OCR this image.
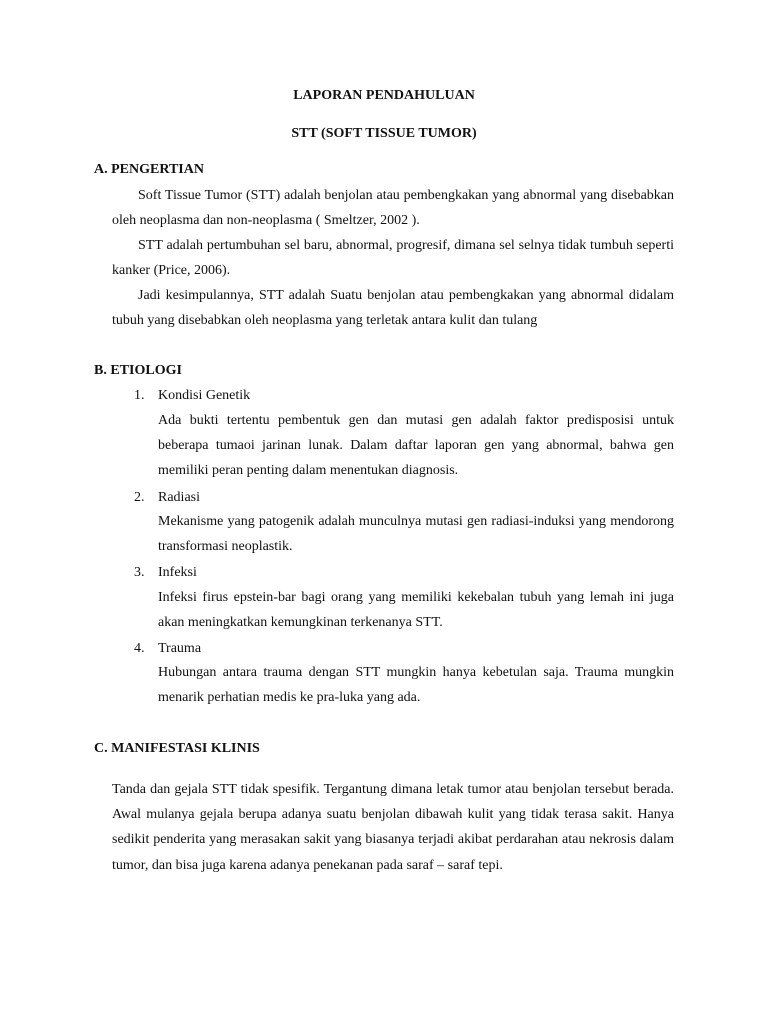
LAPORAN PENDAHULUAN

STT (SOFT TISSUE TUMOR)

A. PENGERTIAN

Soft Tissue Tumor (STT) adalah benjolan atau pembengkakan yang abnormal yang disebabkan oleh neoplasma dan non-neoplasma ( Smeltzer, 2002 ).

STT adalah pertumbuhan sel baru, abnormal, progresif, dimana sel selnya tidak tumbuh seperti kanker (Price, 2006).

Jadi kesimpulannya, STT adalah Suatu benjolan atau pembengkakan yang abnormal didalam tubuh yang disebabkan oleh neoplasma yang terletak antara kulit dan tulang

B. ETIOLOGI

1. Kondisi Genetik

Ada bukti tertentu pembentuk gen dan mutasi gen adalah faktor predisposisi untuk beberapa tumaoi jarinan lunak. Dalam daftar laporan gen yang abnormal, bahwa gen memiliki peran penting dalam menentukan diagnosis.

2. Radiasi

Mekanisme yang patogenik adalah munculnya mutasi gen radiasi-induksi yang mendorong transformasi neoplastik.

3. Infeksi

Infeksi firus epstein-bar bagi orang yang memiliki kekebalan tubuh yang lemah ini juga akan meningkatkan kemungkinan terkenanya STT.

4. Trauma

Hubungan antara trauma dengan STT mungkin hanya kebetulan saja. Trauma mungkin menarik perhatian medis ke pra-luka yang ada.

C. MANIFESTASI KLINIS

Tanda dan gejala STT tidak spesifik. Tergantung dimana letak tumor atau benjolan tersebut berada. Awal mulanya gejala berupa adanya suatu benjolan dibawah kulit yang tidak terasa sakit. Hanya sedikit penderita yang merasakan sakit yang biasanya terjadi akibat perdarahan atau nekrosis dalam tumor, dan bisa juga karena adanya penekanan pada saraf – saraf tepi.
